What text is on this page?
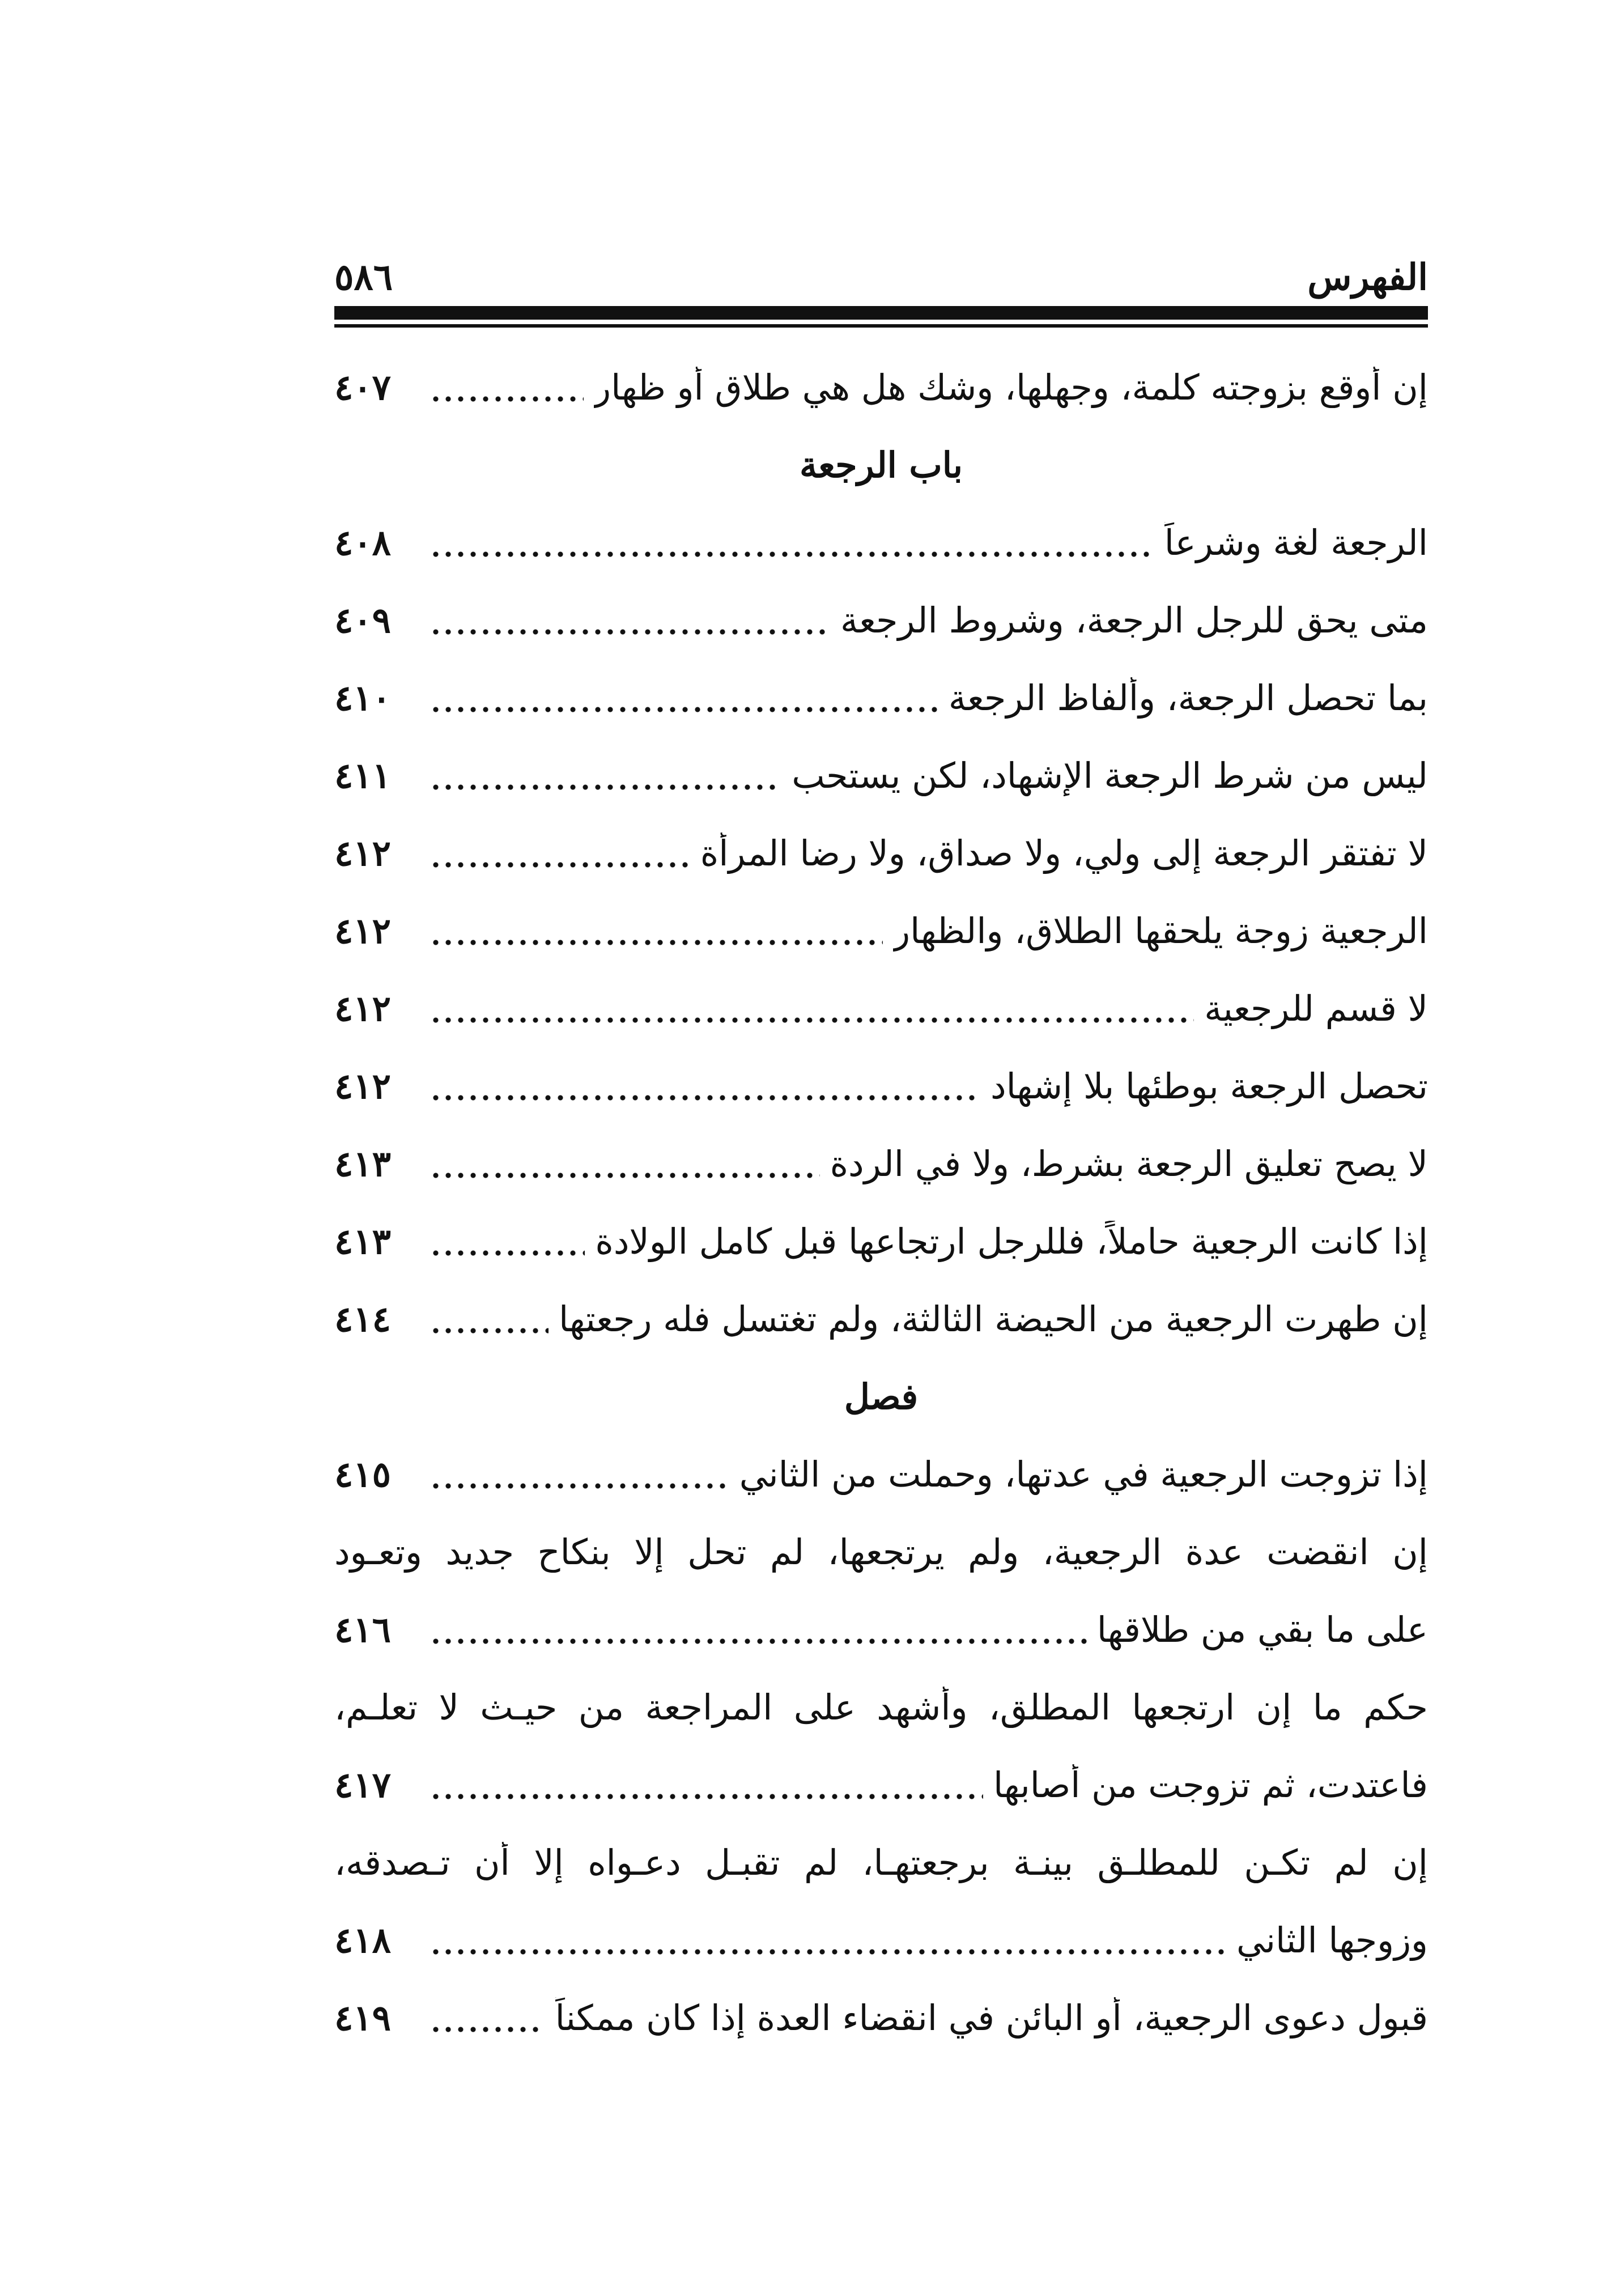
الفهرس
٥٨٦
إن أوقع بزوجته كلمة، وجهلها، وشك هل هي طلاق أو ظهار
٤٠٧
باب الرجعة
الرجعة لغة وشرعاً
٤٠٨
متى يحق للرجل الرجعة، وشروط الرجعة
٤٠٩
بما تحصل الرجعة، وألفاظ الرجعة
٤١٠
ليس من شرط الرجعة الإشهاد، لكن يستحب
٤١١
لا تفتقر الرجعة إلى ولي، ولا صداق، ولا رضا المرأة
٤١٢
الرجعية زوجة يلحقها الطلاق، والظهار
٤١٢
لا قسم للرجعية
٤١٢
تحصل الرجعة بوطئها بلا إشهاد
٤١٢
لا يصح تعليق الرجعة بشرط، ولا في الردة
٤١٣
إذا كانت الرجعية حاملاً، فللرجل ارتجاعها قبل كامل الولادة
٤١٣
إن طهرت الرجعية من الحيضة الثالثة، ولم تغتسل فله رجعتها
٤١٤
فصل
إذا تزوجت الرجعية في عدتها، وحملت من الثاني
٤١٥
إن انقضت عدة الرجعية، ولم يرتجعها، لم تحل إلا بنكاح جديد وتعـود
على ما بقي من طلاقها
٤١٦
حكم ما إن ارتجعها المطلق، وأشهد على المراجعة من حيـث لا تعلـم،
فاعتدت، ثم تزوجت من أصابها
٤١٧
إن لم تكـن للمطلـق بينـة برجعتهـا، لم تقبـل دعـواه إلا أن تـصدقه،
وزوجها الثاني
٤١٨
قبول دعوى الرجعية، أو البائن في انقضاء العدة إذا كان ممكناً
٤١٩
